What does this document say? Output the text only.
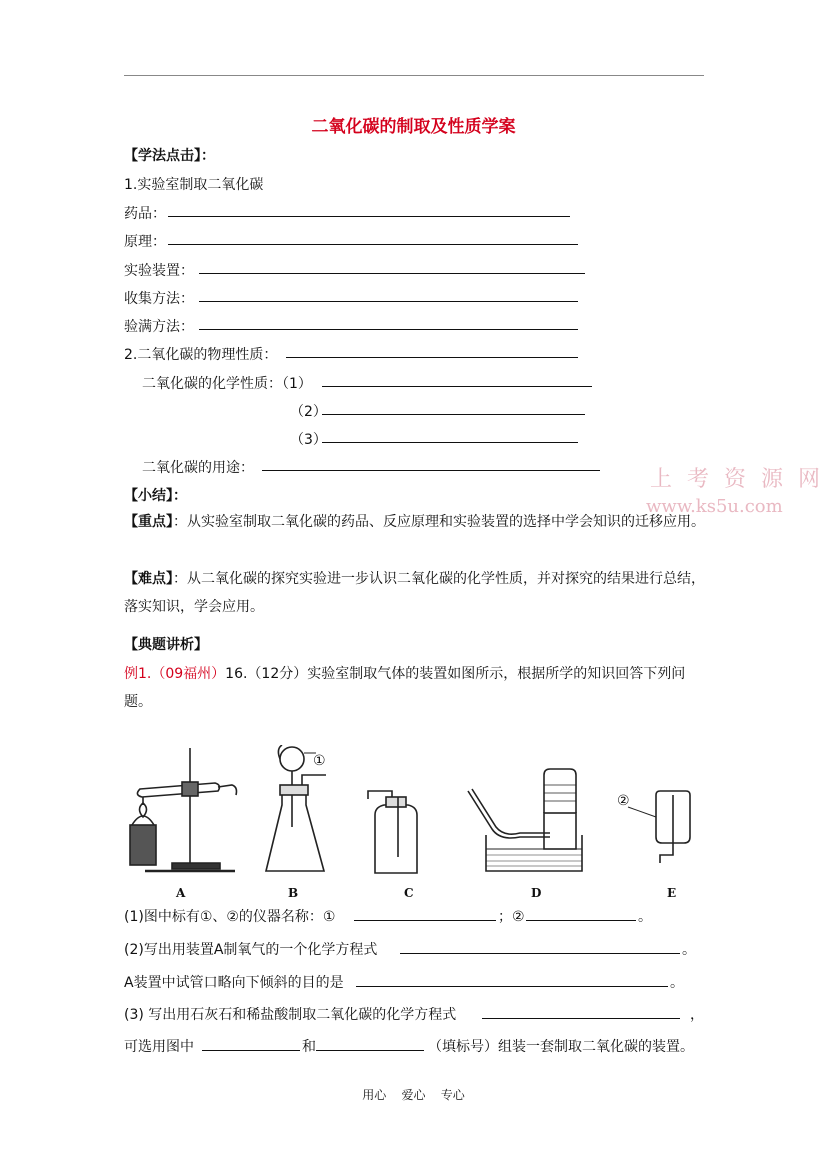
二氧化碳的制取及性质学案
【学法点击】：
1.实验室制取二氧化碳
药品：
原理：
实验装置：
收集方法：
验满方法：
2.二氧化碳的物理性质：
二氧化碳的化学性质：（1）
（2）
（3）
二氧化碳的用途：	上 考 资 源 网
www.ks5u.com
【小结】：
【重点】：从实验室制取二氧化碳的药品、反应原理和实验装置的选择中学会知识的迁移应用。
【难点】：从二氧化碳的探究实验进一步认识二氧化碳的化学性质，并对探究的结果进行总结，落实知识，学会应用。
【典题讲析】
例1.（09福州）16.（12分）实验室制取气体的装置如图所示，根据所学的知识回答下列问题。
①
②
A	B	C	D	E
(1)图中标有①、②的仪器名称：①	；②	。
(2)写出用装置A制氧气的一个化学方程式	。
A装置中试管口略向下倾斜的目的是	。
(3) 写出用石灰石和稀盐酸制取二氧化碳的化学方程式	，
可选用图中	和	（填标号）组装一套制取二氧化碳的装置。
用心    爱心    专心
